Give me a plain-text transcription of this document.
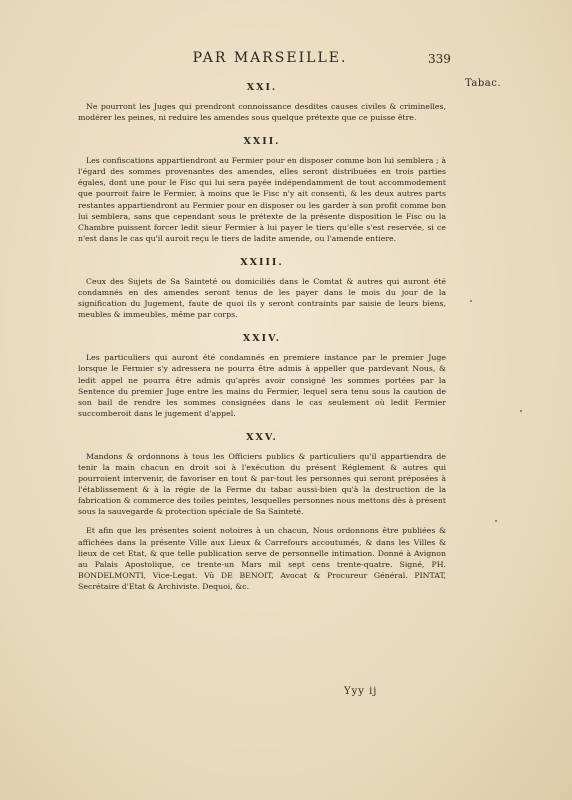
PAR MARSEILLE.	339
Tabac.
XXI.

Ne pourront les Juges qui prendront connoissance desdites causes civiles & criminelles, modérer les peines, ni reduire les amendes sous quelque prétexte que ce puisse être.

XXII.

Les confiscations appartiendront au Fermier pour en disposer comme bon lui semblera ; à l'égard des sommes provenantes des amendes, elles seront distribuées en trois parties égales, dont une pour le Fisc qui lui sera payée indépendamment de tout accommodement que pourroit faire le Fermier, à moins que le Fisc n'y ait consenti, & les deux autres parts restantes appartiendront au Fermier pour en disposer ou les garder à son profit comme bon lui semblera, sans que cependant sous le prétexte de la présente disposition le Fisc ou la Chambre puissent forcer ledit sieur Fermier à lui payer le tiers qu'elle s'est reservée, si ce n'est dans le cas qu'il auroit reçu le tiers de ladite amende, ou l'amende entiere.

XXIII.

Ceux des Sujets de Sa Sainteté ou domiciliés dans le Comtat & autres qui auront été condamnés en des amendes seront tenus de les payer dans le mois du jour de la signification du Jugement, faute de quoi ils y seront contraints par saisie de leurs biens, meubles & immeubles, même par corps.

XXIV.

Les particuliers qui auront été condamnés en premiere instance par le premier Juge lorsque le Fermier s'y adressera ne pourra être admis à appeller que pardevant Nous, & ledit appel ne pourra être admis qu'après avoir consigné les sommes portées par la Sentence du premier Juge entre les mains du Fermier, lequel sera tenu sous la caution de son bail de rendre les sommes consignées dans le cas seulement où ledit Fermier succomberoit dans le jugement d'appel.

XXV.

Mandons & ordonnons à tous les Officiers publics & particuliers qu'il appartiendra de tenir la main chacun en droit soi à l'exécution du présent Réglement & autres qui pourroient intervenir, de favoriser en tout & par-tout les personnes qui seront préposées à l'établissement & à la régie de la Ferme du tabac aussi-bien qu'à la destruction de la fabrication & commerce des toiles peintes, lesquelles personnes nous mettons dès à présent sous la sauvegarde & protection spéciale de Sa Sainteté.

Et afin que les présentes soient notoires à un chacun, Nous ordonnons être publiées & affichées dans la présente Ville aux Lieux & Carrefours accoutumés, & dans les Villes & lieux de cet Etat, & que telle publication serve de personnelle intimation. Donné à Avignon au Palais Apostolique, ce trente-un Mars mil sept cens trente-quatre. Signé, PH. BONDELMONTI, Vice-Legat. Vû DE BENOIT, Avocat & Procureur Général. PINTAT, Secrétaire d'Etat & Archiviste. Dequoi, &c.

Yyy ij
